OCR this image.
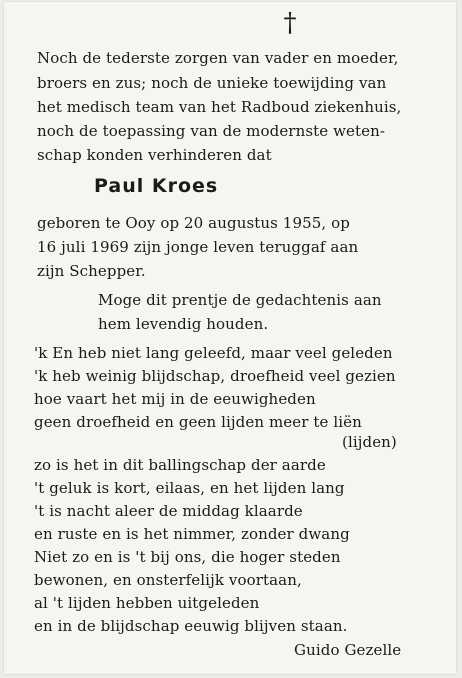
†
Noch de tederste zorgen van vader en moeder,
broers en zus; noch de unieke toewijding van
het medisch team van het Radboud ziekenhuis,
noch de toepassing van de modernste weten-
schap konden verhinderen dat
Paul Kroes
geboren te Ooy op 20 augustus 1955, op
16 juli 1969 zijn jonge leven teruggaf aan
zijn Schepper.
Moge dit prentje de gedachtenis aan
hem levendig houden.
'k En heb niet lang geleefd, maar veel geleden
'k heb weinig blijdschap, droefheid veel gezien
hoe vaart het mij in de eeuwigheden
geen droefheid en geen lijden meer te liën
(lijden)
zo is het in dit ballingschap der aarde
't geluk is kort, eilaas, en het lijden lang
't is nacht aleer de middag klaarde
en ruste en is het nimmer, zonder dwang
Niet zo en is 't bij ons, die hoger steden
bewonen, en onsterfelijk voortaan,
al 't lijden hebben uitgeleden
en in de blijdschap eeuwig blijven staan.
Guido Gezelle
